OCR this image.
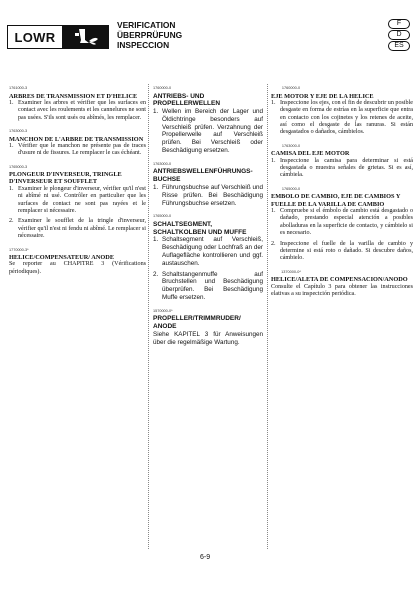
LOWR
VERIFICATION
ÜBERPRÜFUNG
INSPECCION
F
D
ES
1761000-3
ARBRES DE TRANSMISSION ET D'HELICE
1. Examiner les arbres et vérifier que les surfaces en contact avec les roulements et les cannelures ne sont pas usées. S'ils sont usés ou abîmés, les remplacer.
1763000-3
MANCHON DE L'ARBRE DE TRANSMISSION
1. Vérifier que le manchon ne présente pas de traces d'usure ni de fissures. Le remplacer le cas échéant.
1765000-3
PLONGEUR D'INVERSEUR, TRINGLE D'INVERSEUR ET SOUFFLET
1. Examiner le plongeur d'inverseur, vérifier qu'il n'est ni abîmé ni usé. Contrôler en particulier que les surfaces de contact ne sont pas rayées et le remplacer si nécessaire.
2. Examiner le soufflet de la tringle d'inverseur, vérifier qu'il n'est ni fendu ni abîmé. Le remplacer si nécessaire.
1770000-3*
HELICE/COMPENSATEUR/ ANODE
Se reporter au CHAPITRE 3 (Vérifications périodiques).
1760000-0
ANTRIEBS- UND PROPELLERWELLEN
1. Wellen im Bereich der Lager und Öldichtringe besonders auf Verschleiß prüfen. Verzahnung der Propellerwelle auf Verschleiß prüfen. Bei Verschleiß oder Beschädigung ersetzen.
1763000-0
ANTRIEBSWELLENFÜHRUNGS- BUCHSE
1. Führungsbuchse auf Verschleiß und Risse prüfen. Bei Beschädigung Führungsbuchse ersetzen.
1765000-0
SCHALTSEGMENT, SCHALTKOLBEN UND MUFFE
1. Schaltsegment auf Verschleiß, Beschädigung oder Lochfraß an der Auflagefläche kontrollieren und ggf. austauschen.
2. Schaltstangenmuffe auf Bruchstellen und Beschädigung überprüfen. Bei Beschädigung Muffe ersetzen.
1570000-0*
PROPELLER/TRIMMRUDER/ ANODE
Siehe KAPITEL 3 für Anweisungen über die regelmäßige Wartung.
1760000-0
EJE MOTOR Y EJE DE LA HELICE
1. Inspeccione los ejes, con el fin de descubrir un posible desgaste en forma de estrías en la superficie que entra en contacto con los cojinetes y los retenes de aceite, así como el desgaste de las ranuras. Si están desgastados o dañados, cámbielos.
1763000-0
CAMISA DEL EJE MOTOR
1. Inspeccione la camisa para determinar si está desgastada o muestra señales de grietas. Si es así, cámbiela.
1765000-0
EMBOLO DE CAMBIO, EJE DE CAMBIOS Y FUELLE DE LA VARILLA DE CAMBIO
1. Compruebe si el émbolo de cambio está desgastado o dañado, prestando especial atención a posibles abolladuras en la superficie de contacto, y cámbielo si es necesario.
2. Inspeccione el fuelle de la varilla de cambio y determine si está roto o dañado. Si descubre daños, cámbielo.
1370000-0*
HELICE/ALETA DE COMPENSACION/ANODO
Consulte el Capítulo 3 para obtener las instrucciones elativas a su inspectción periódica.
6-9
